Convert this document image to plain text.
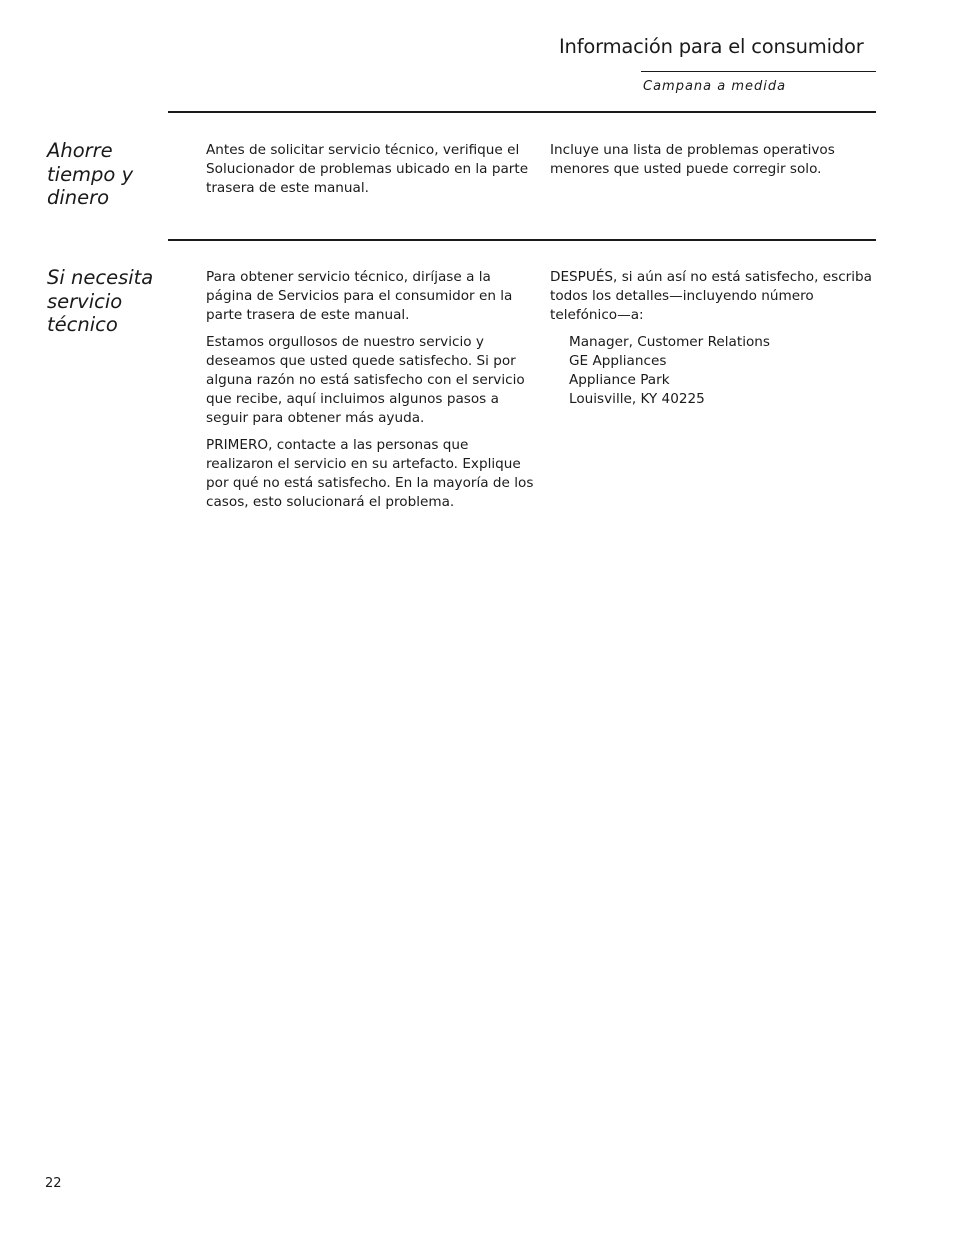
Información para el consumidor
Campana a medida
Ahorre tiempo y dinero

Antes de solicitar servicio técnico, verifique el Solucionador de problemas ubicado en la parte trasera de este manual.

Incluye una lista de problemas operativos menores que usted puede corregir solo.

Si necesita servicio técnico

Para obtener servicio técnico, diríjase a la página de Servicios para el consumidor en la parte trasera de este manual.

Estamos orgullosos de nuestro servicio y deseamos que usted quede satisfecho. Si por alguna razón no está satisfecho con el servicio que recibe, aquí incluimos algunos pasos a seguir para obtener más ayuda.

PRIMERO, contacte a las personas que realizaron el servicio en su artefacto. Explique por qué no está satisfecho. En la mayoría de los casos, esto solucionará el problema.

DESPUÉS, si aún así no está satisfecho, escriba todos los detalles—incluyendo número telefónico—a:

Manager, Customer Relations
GE Appliances
Appliance Park
Louisville, KY 40225
22
